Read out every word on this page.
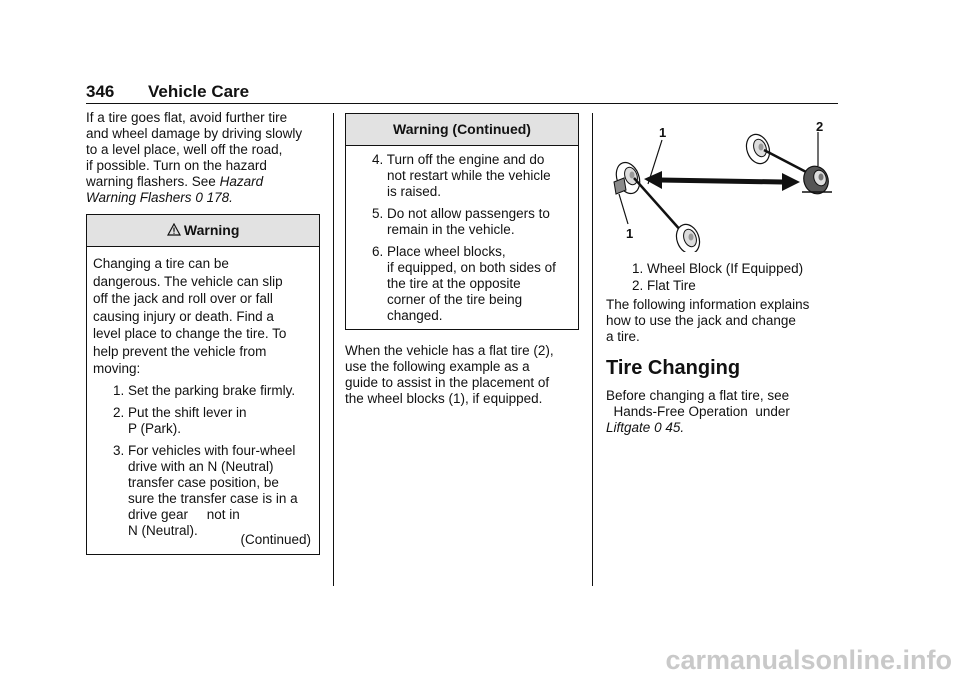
346 Vehicle Care

If a tire goes flat, avoid further tire

and wheel damage by driving slowly

to a level place, well off the road,

if possible. Turn on the hazard

warning flashers. See Hazard

Warning Flashers 0 178.

Warning

Changing a tire can be

dangerous. The vehicle can slip

off the jack and roll over or fall

causing injury or death. Find a

level place to change the tire. To

help prevent the vehicle from

moving:

1. Set the parking brake firmly.

2. Put the shift lever in

P (Park).

3. For vehicles with four-wheel

drive with an N (Neutral)

transfer case position, be

sure the transfer case is in a

drive gear     not in

N (Neutral).

(Continued)
Warning (Continued)

4. Turn off the engine and do

not restart while the vehicle

is raised.

5. Do not allow passengers to

remain in the vehicle.

6. Place wheel blocks,

if equipped, on both sides of

the tire at the opposite

corner of the tire being

changed.

When the vehicle has a flat tire (2),

use the following example as a

guide to assist in the placement of

the wheel blocks (1), if equipped.

1	2
1

1. Wheel Block (If Equipped)

2. Flat Tire

The following information explains

how to use the jack and change

a tire.

Tire Changing

Before changing a flat tire, see

Hands-Free Operation  under

Liftgate 0 45.

carmanualsonline.info
